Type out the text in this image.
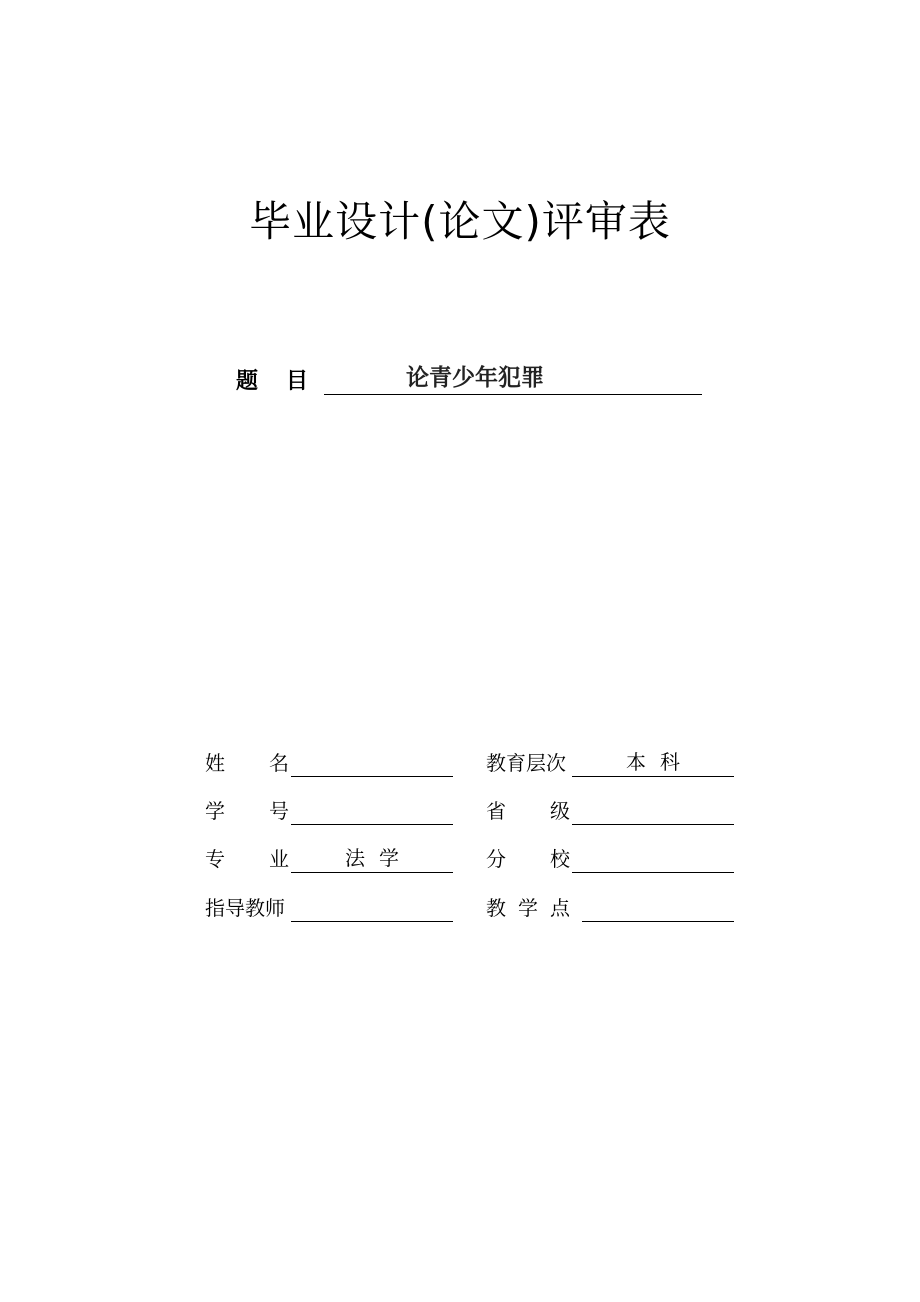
毕业设计(论文)评审表
题目	论青少年犯罪
姓名	教育层次	本科
学号	省级
专业 法学	分校
指导教师	教学点
